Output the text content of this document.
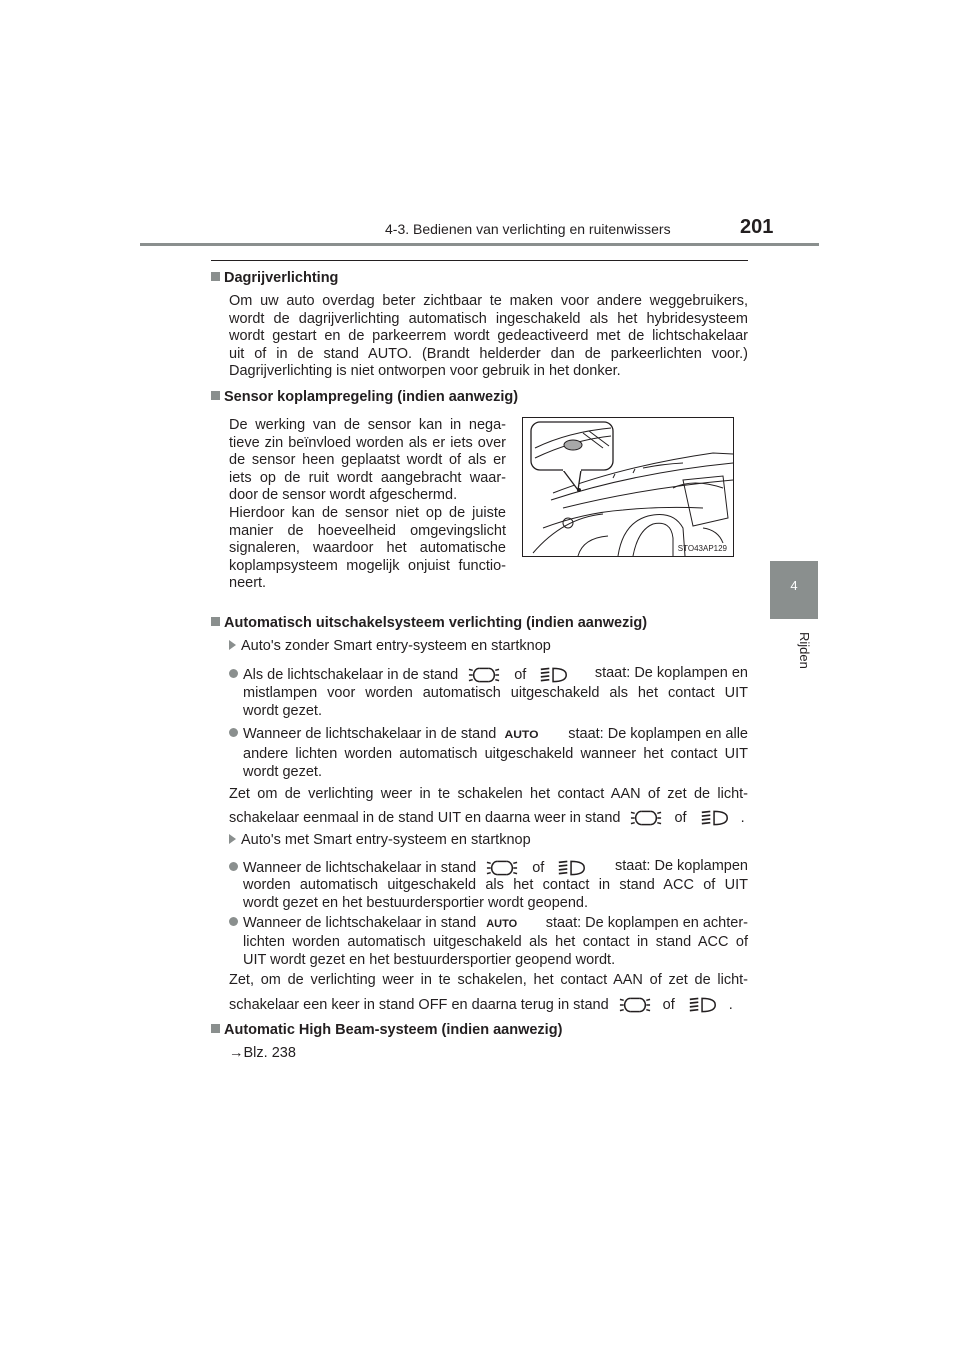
4-3. Bedienen van verlichting en ruitenwissers	201
4
Rijden
Dagrijverlichting
Om uw auto overdag beter zichtbaar te maken voor andere weggebruikers,
wordt de dagrijverlichting automatisch ingeschakeld als het hybridesysteem
wordt gestart en de parkeerrem wordt gedeactiveerd met de lichtschakelaar
uit of in de stand AUTO. (Brandt helderder dan de parkeerlichten voor.)
Dagrijverlichting is niet ontworpen voor gebruik in het donker.
Sensor koplampregeling (indien aanwezig)
De werking van de sensor kan in nega-
tieve zin beïnvloed worden als er iets over
de sensor heen geplaatst wordt of als er
iets op de ruit wordt aangebracht waar-
door de sensor wordt afgeschermd.
Hierdoor kan de sensor niet op de juiste
manier de hoeveelheid omgevingslicht
signaleren, waardoor het automatische
koplampsysteem mogelijk onjuist functio-
neert.
STO43AP129
Automatisch uitschakelsysteem verlichting (indien aanwezig)
Auto's zonder Smart entry-systeem en startknop
Als de lichtschakelaar in de stand	of	staat: De koplampen en
mistlampen voor worden automatisch uitgeschakeld als het contact UIT
wordt gezet.
Wanneer de lichtschakelaar in de stand AUTO staat: De koplampen en alle
andere lichten worden automatisch uitgeschakeld wanneer het contact UIT
wordt gezet.
Zet om de verlichting weer in te schakelen het contact AAN of zet de licht-
schakelaar eenmaal in de stand UIT en daarna weer in stand	of	.
Auto's met Smart entry-systeem en startknop
Wanneer de lichtschakelaar in stand	of	staat: De koplampen
worden automatisch uitgeschakeld als het contact in stand ACC of UIT
wordt gezet en het bestuurdersportier wordt geopend.
Wanneer de lichtschakelaar in stand AUTO staat: De koplampen en achter-
lichten worden automatisch uitgeschakeld als het contact in stand ACC of
UIT wordt gezet en het bestuurdersportier geopend wordt.
Zet, om de verlichting weer in te schakelen, het contact AAN of zet de licht-
schakelaar een keer in stand OFF en daarna terug in stand	of	.
Automatic High Beam-systeem (indien aanwezig)
→Blz. 238
